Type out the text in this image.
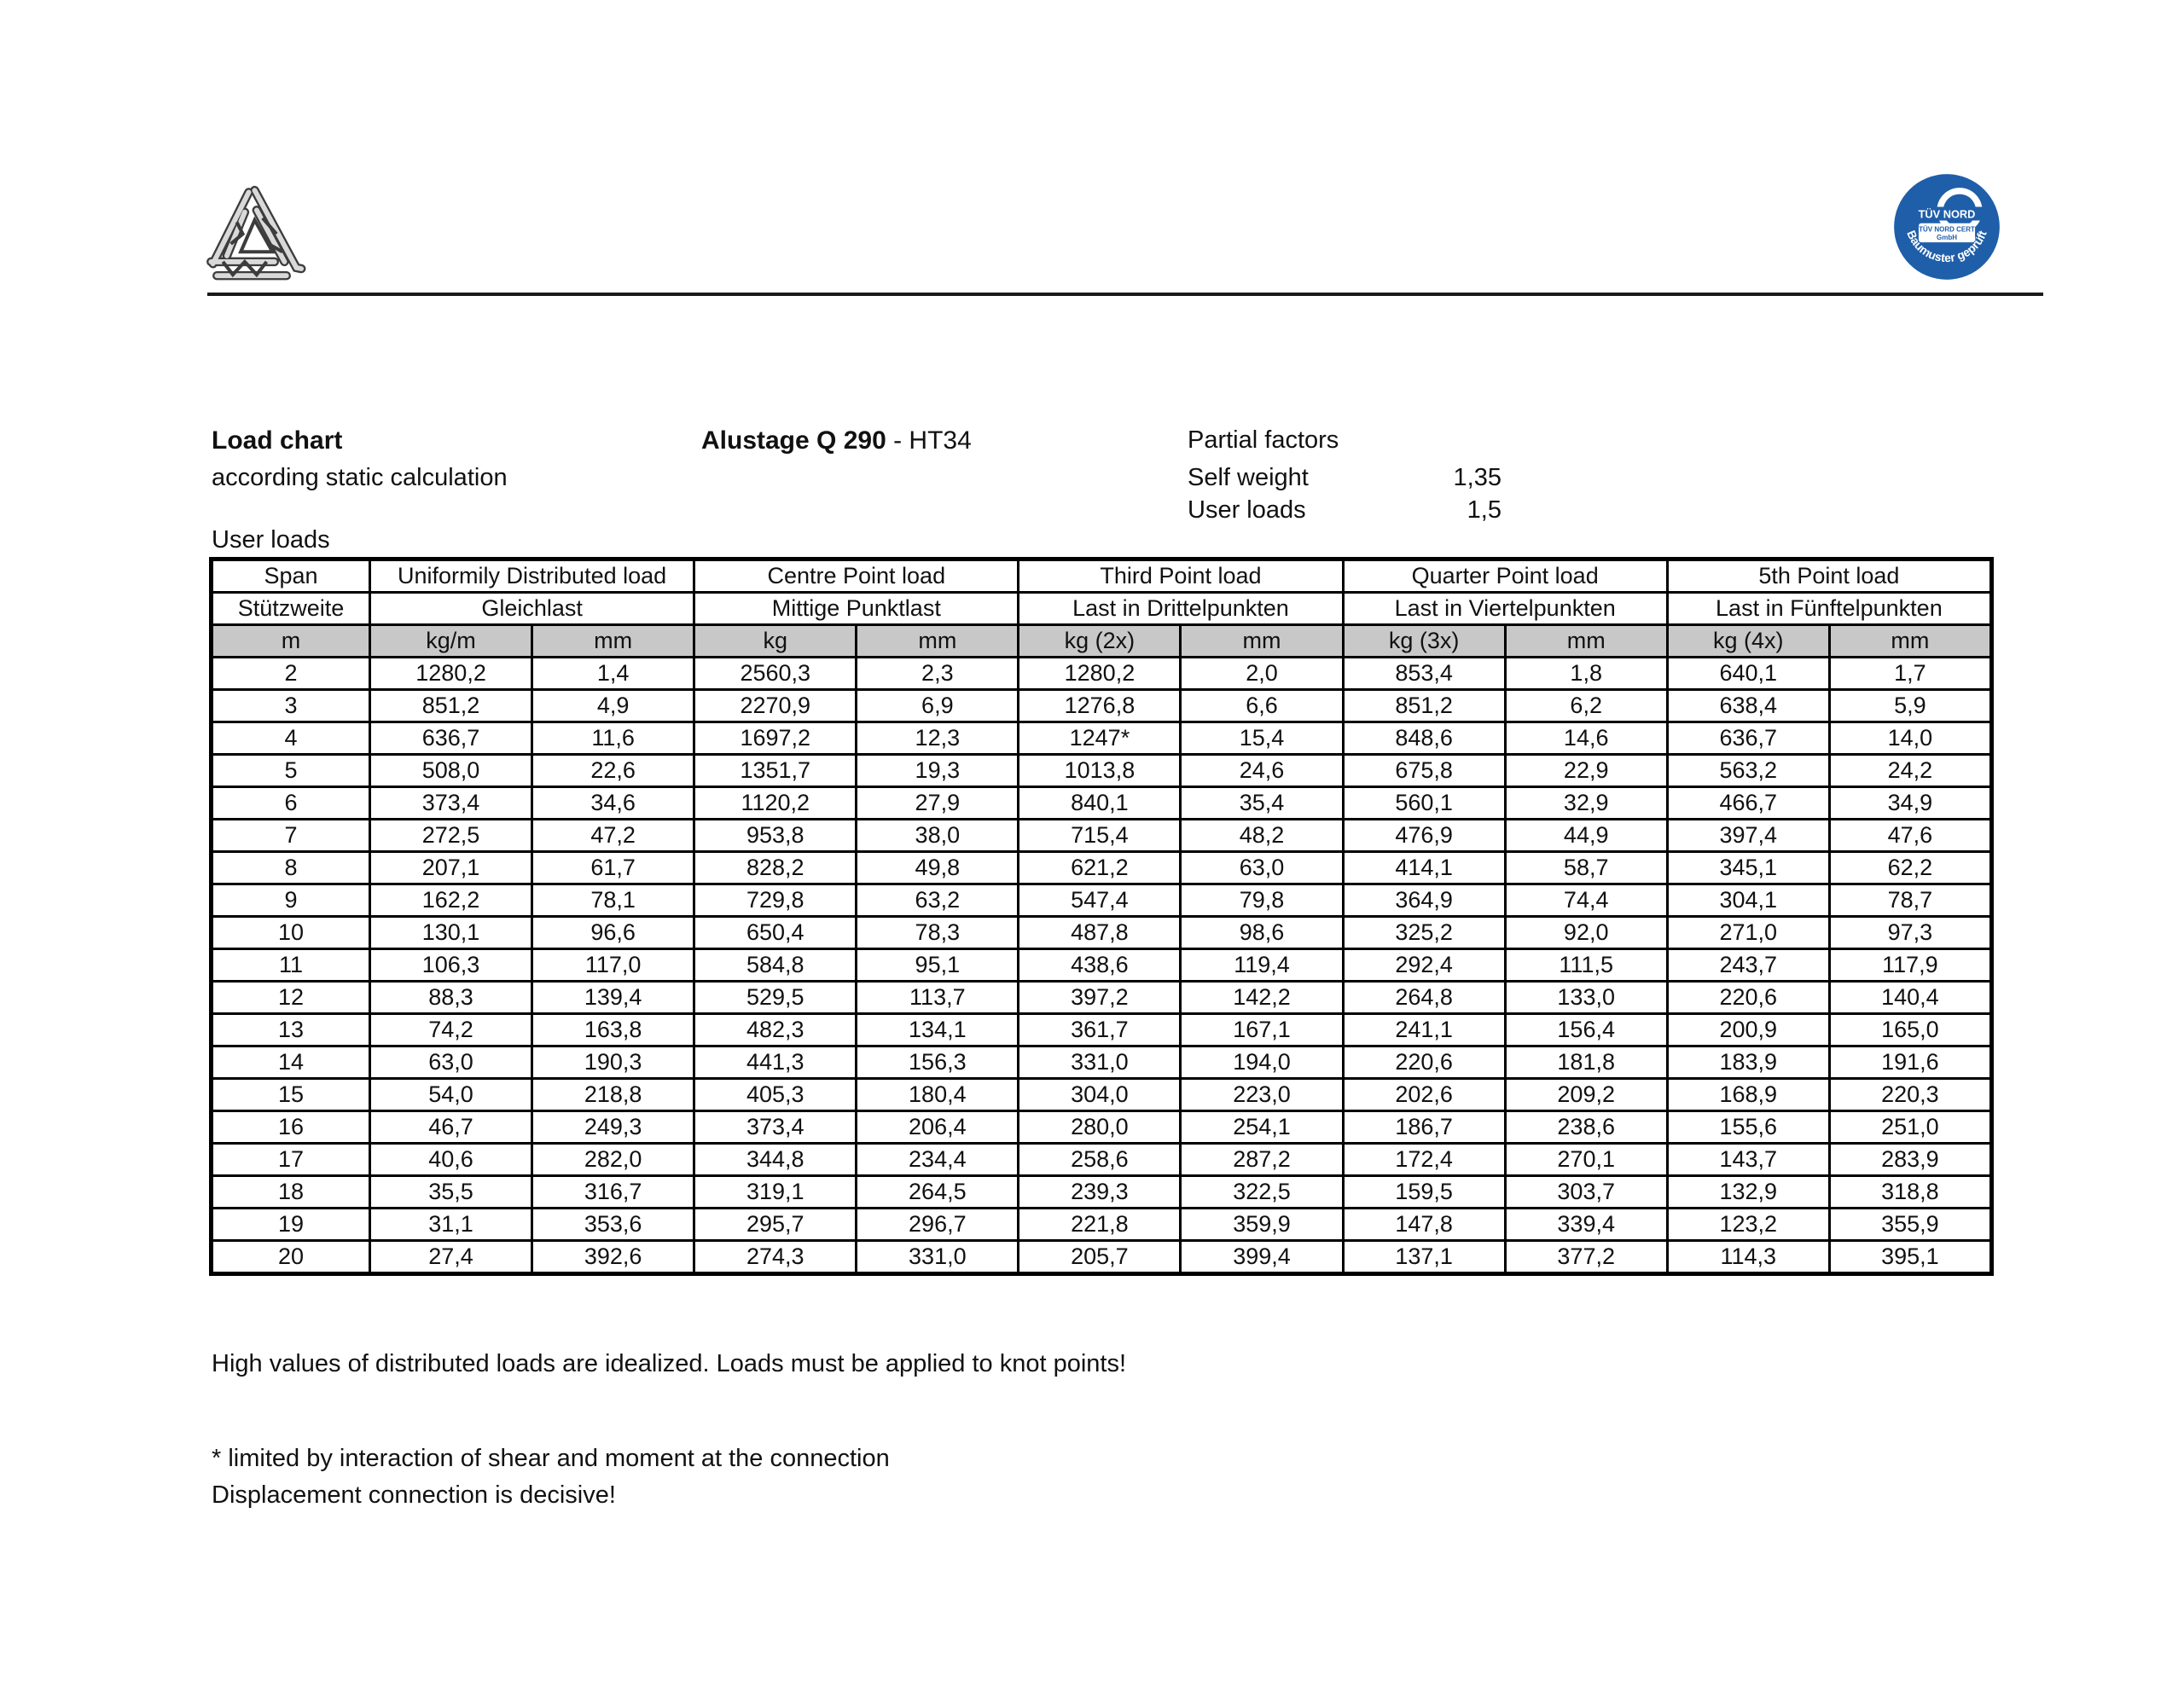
TÜV NORD
TÜV NORD CERT
GmbH
Baumuster geprüft
Load chart
according static calculation
Alustage Q 290 - HT34	Partial factors
Self weight	1,35
User loads	1,5
User loads
Span	Uniformily Distributed load		Centre Point load		Third Point load		Quarter Point load		5th Point load	
Stützweite	Gleichlast		Mittige Punktlast		Last in Drittelpunkten		Last in Viertelpunkten		Last in Fünftelpunkten	
m	kg/m	mm	kg	mm	kg (2x)	mm	kg (3x)	mm	kg (4x)	mm
2	1280,2	1,4	2560,3	2,3	1280,2	2,0	853,4	1,8	640,1	1,7
3	851,2	4,9	2270,9	6,9	1276,8	6,6	851,2	6,2	638,4	5,9
4	636,7	11,6	1697,2	12,3	1247*	15,4	848,6	14,6	636,7	14,0
5	508,0	22,6	1351,7	19,3	1013,8	24,6	675,8	22,9	563,2	24,2
6	373,4	34,6	1120,2	27,9	840,1	35,4	560,1	32,9	466,7	34,9
7	272,5	47,2	953,8	38,0	715,4	48,2	476,9	44,9	397,4	47,6
8	207,1	61,7	828,2	49,8	621,2	63,0	414,1	58,7	345,1	62,2
9	162,2	78,1	729,8	63,2	547,4	79,8	364,9	74,4	304,1	78,7
10	130,1	96,6	650,4	78,3	487,8	98,6	325,2	92,0	271,0	97,3
11	106,3	117,0	584,8	95,1	438,6	119,4	292,4	111,5	243,7	117,9
12	88,3	139,4	529,5	113,7	397,2	142,2	264,8	133,0	220,6	140,4
13	74,2	163,8	482,3	134,1	361,7	167,1	241,1	156,4	200,9	165,0
14	63,0	190,3	441,3	156,3	331,0	194,0	220,6	181,8	183,9	191,6
15	54,0	218,8	405,3	180,4	304,0	223,0	202,6	209,2	168,9	220,3
16	46,7	249,3	373,4	206,4	280,0	254,1	186,7	238,6	155,6	251,0
17	40,6	282,0	344,8	234,4	258,6	287,2	172,4	270,1	143,7	283,9
18	35,5	316,7	319,1	264,5	239,3	322,5	159,5	303,7	132,9	318,8
19	31,1	353,6	295,7	296,7	221,8	359,9	147,8	339,4	123,2	355,9
20	27,4	392,6	274,3	331,0	205,7	399,4	137,1	377,2	114,3	395,1
High values of distributed loads are idealized. Loads must be applied to knot points!
* limited by interaction of shear and moment at the connection
Displacement connection is decisive!
